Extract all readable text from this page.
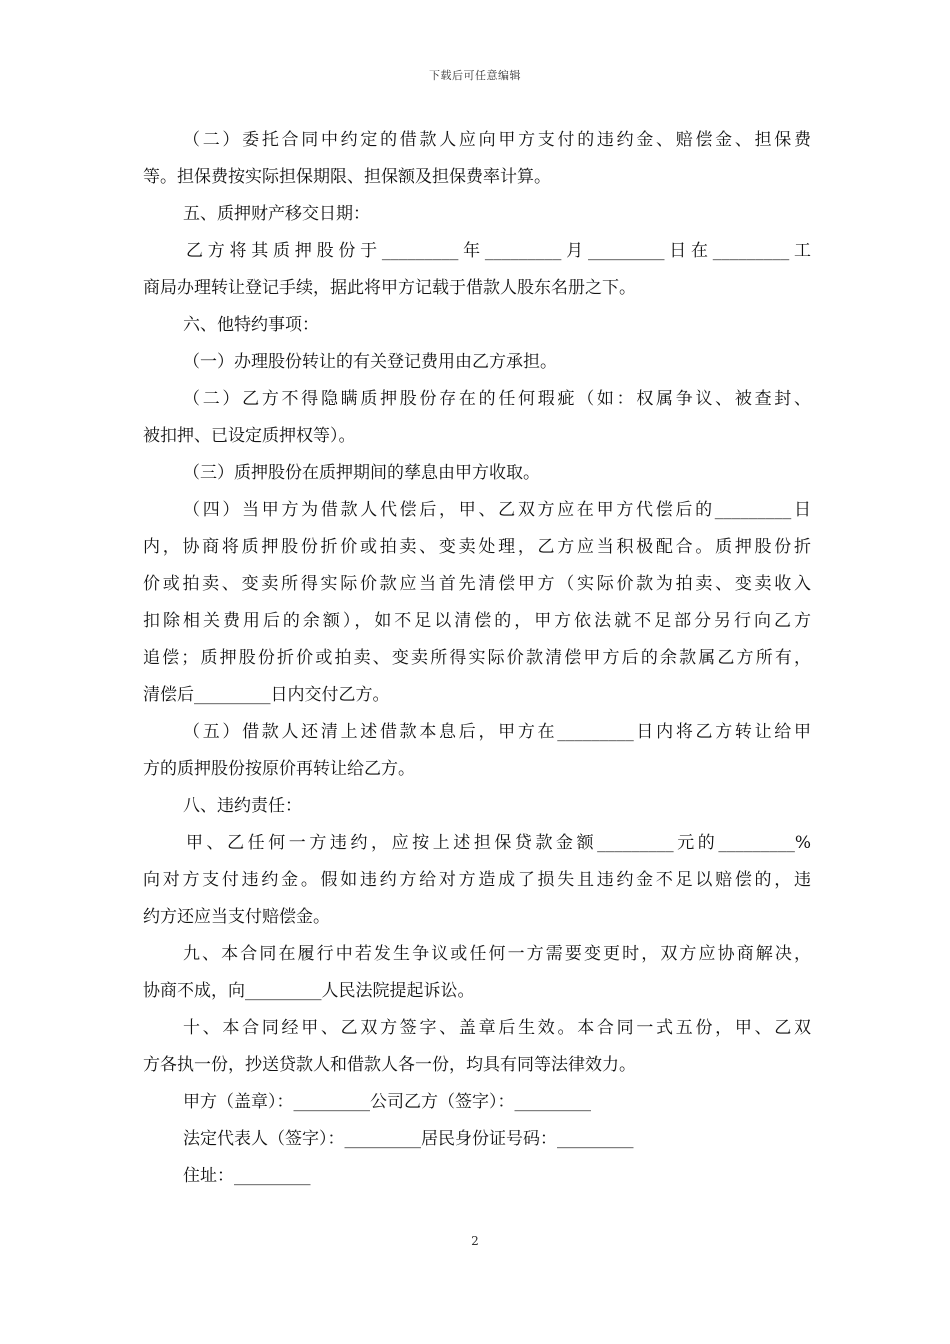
下载后可任意编辑
（二）委托合同中约定的借款人应向甲方支付的违约金、赔偿金、担保费
等。担保费按实际担保期限、担保额及担保费率计算。
五、质押财产移交日期：
乙方将其质押股份于_________年_________月_________日在_________工
商局办理转让登记手续，据此将甲方记载于借款人股东名册之下。
六、他特约事项：
（一）办理股份转让的有关登记费用由乙方承担。
（二）乙方不得隐瞒质押股份存在的任何瑕疵（如：权属争议、被查封、
被扣押、已设定质押权等）。
（三）质押股份在质押期间的孳息由甲方收取。
（四）当甲方为借款人代偿后，甲、乙双方应在甲方代偿后的_________日
内，协商将质押股份折价或拍卖、变卖处理，乙方应当积极配合。质押股份折
价或拍卖、变卖所得实际价款应当首先清偿甲方（实际价款为拍卖、变卖收入
扣除相关费用后的余额），如不足以清偿的，甲方依法就不足部分另行向乙方
追偿；质押股份折价或拍卖、变卖所得实际价款清偿甲方后的余款属乙方所有，
清偿后_________日内交付乙方。
（五）借款人还清上述借款本息后，甲方在_________日内将乙方转让给甲
方的质押股份按原价再转让给乙方。
八、违约责任：
甲、乙任何一方违约，应按上述担保贷款金额_________元的_________%
向对方支付违约金。假如违约方给对方造成了损失且违约金不足以赔偿的，违
约方还应当支付赔偿金。
九、本合同在履行中若发生争议或任何一方需要变更时，双方应协商解决，
协商不成，向_________人民法院提起诉讼。
十、本合同经甲、乙双方签字、盖章后生效。本合同一式五份，甲、乙双
方各执一份，抄送贷款人和借款人各一份，均具有同等法律效力。
甲方（盖章）：_________公司乙方（签字）：_________
法定代表人（签字）：_________居民身份证号码：_________
住址：_________
2
